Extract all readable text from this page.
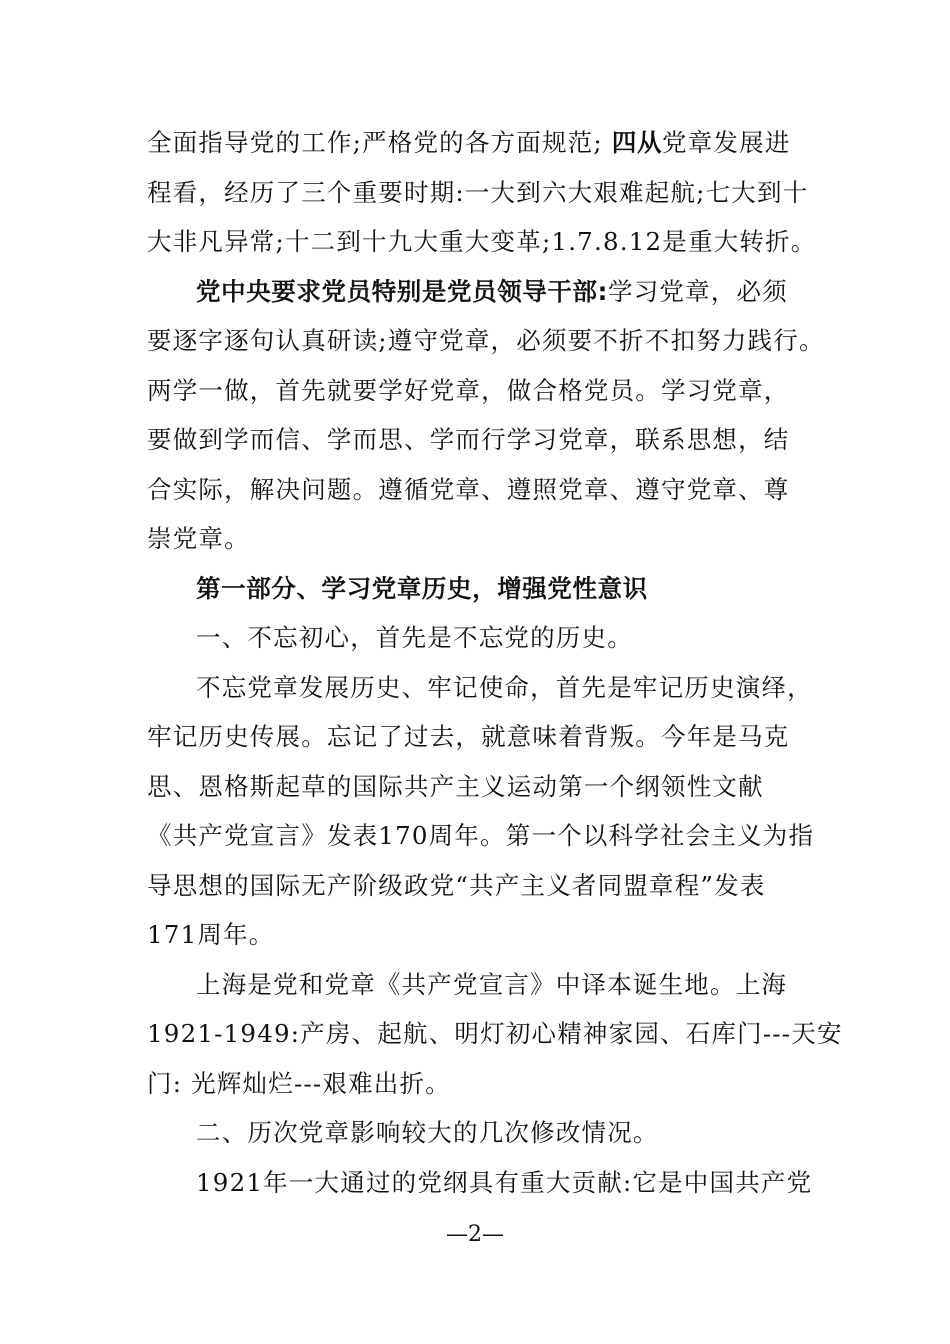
全面指导党的工作;严格党的各方面规范; 四从党章发展进
程看，经历了三个重要时期:一大到六大艰难起航;七大到十
大非凡异常;十二到十九大重大变革;1.7.8.12是重大转折。
党中央要求党员特别是党员领导干部:学习党章，必须
要逐字逐句认真研读;遵守党章，必须要不折不扣努力践行。
两学一做，首先就要学好党章，做合格党员。学习党章，
要做到学而信、学而思、学而行学习党章，联系思想，结
合实际，解决问题。遵循党章、遵照党章、遵守党章、尊
崇党章。
第一部分、学习党章历史，增强党性意识
一、不忘初心，首先是不忘党的历史。
不忘党章发展历史、牢记使命，首先是牢记历史演绎，
牢记历史传展。忘记了过去，就意味着背叛。今年是马克
思、恩格斯起草的国际共产主义运动第一个纲领性文献
《共产党宣言》发表170周年。第一个以科学社会主义为指
导思想的国际无产阶级政党“共产主义者同盟章程”发表
171周年。
上海是党和党章《共产党宣言》中译本诞生地。上海
1921-1949:产房、起航、明灯初心精神家园、石库门---天安
门: 光辉灿烂---艰难出折。
二、历次党章影响较大的几次修改情况。
1921年一大通过的党纲具有重大贡献:它是中国共产党
—2—
